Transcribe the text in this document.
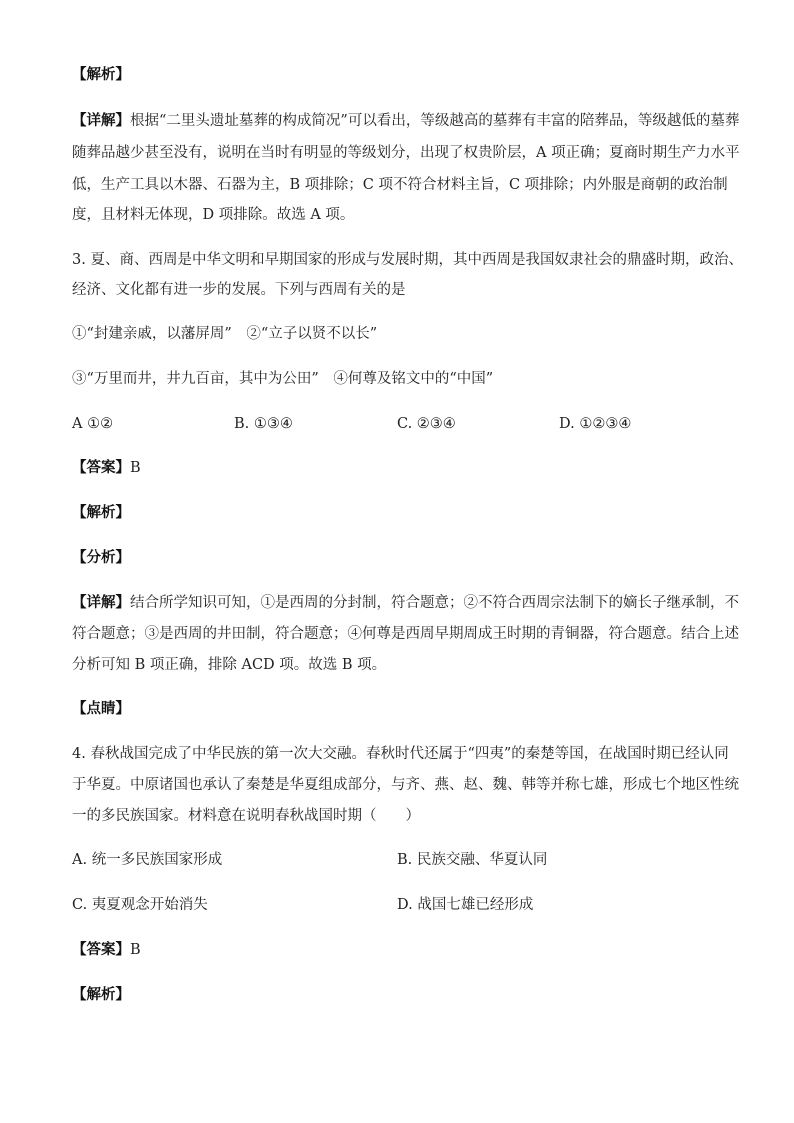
【解析】
【详解】根据“二里头遗址墓葬的构成简况”可以看出，等级越高的墓葬有丰富的陪葬品，等级越低的墓葬
随葬品越少甚至没有，说明在当时有明显的等级划分，出现了权贵阶层，A 项正确；夏商时期生产力水平
低，生产工具以木器、石器为主，B 项排除；C 项不符合材料主旨，C 项排除；内外服是商朝的政治制
度，且材料无体现，D 项排除。故选 A 项。
3. 夏、商、西周是中华文明和早期国家的形成与发展时期，其中西周是我国奴隶社会的鼎盛时期，政治、
经济、文化都有进一步的发展。下列与西周有关的是
①“封建亲戚，以藩屏周”　②“立子以贤不以长”
③“万里而井，井九百亩，其中为公田”　④何尊及铭文中的“中国”
A ①②	B. ①③④	C. ②③④	D. ①②③④
【答案】B
【解析】
【分析】
【详解】结合所学知识可知，①是西周的分封制，符合题意；②不符合西周宗法制下的嫡长子继承制，不
符合题意；③是西周的井田制，符合题意；④何尊是西周早期周成王时期的青铜器，符合题意。结合上述
分析可知 B 项正确，排除 ACD 项。故选 B 项。
【点睛】
4. 春秋战国完成了中华民族的第一次大交融。春秋时代还属于“四夷”的秦楚等国，在战国时期已经认同
于华夏。中原诸国也承认了秦楚是华夏组成部分，与齐、燕、赵、魏、韩等并称七雄，形成七个地区性统
一的多民族国家。材料意在说明春秋战国时期（　　）
A. 统一多民族国家形成	B. 民族交融、华夏认同
C. 夷夏观念开始消失	D. 战国七雄已经形成
【答案】B
【解析】
